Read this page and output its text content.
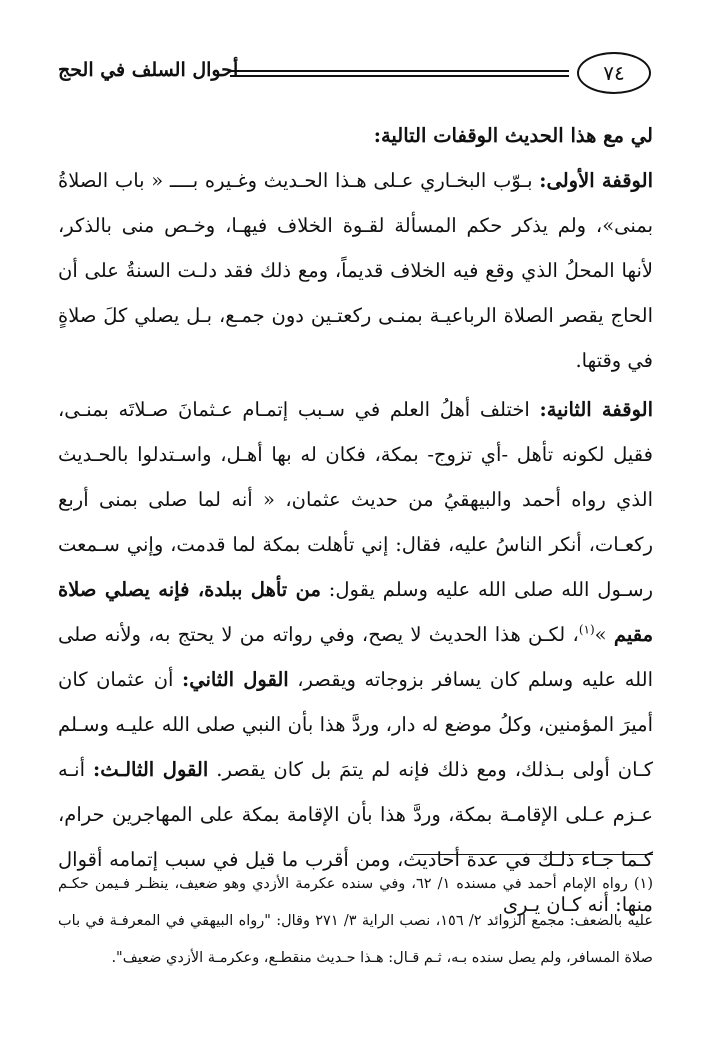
٧٤
أحوال السلف في الحج

لي مع هذا الحديث الوقفات التالية:

الوقفة الأولى: بـوّب البخـاري عـلى هـذا الحـديث وغـيره بــــ « باب الصلاةُ بمنى»، ولم يذكر حكم المسألة لقـوة الخلاف فيهـا، وخـص منى بالذكر، لأنها المحلُ الذي وقع فيه الخلاف قديماً، ومع ذلك فقد دلـت السنةُ على أن الحاج يقصر الصلاة الرباعيـة بمنـى ركعتـين دون جمـع، بـل يصلي كلَ صلاةٍ في وقتها.

الوقفة الثانية: اختلف أهلُ العلم في سـبب إتمـام عـثمانَ صـلاتَه بمنـى، فقيل لكونه تأهل -أي تزوج- بمكة، فكان له بها أهـل، واسـتدلوا بالحـديث الذي رواه أحمد والبيهقيُ من حديث عثمان، « أنه لما صلى بمنى أربع ركعـات، أنكر الناسُ عليه، فقال: إني تأهلت بمكة لما قدمت، وإني سـمعت رسـول الله صلى الله عليه وسلم يقول: من تأهل ببلدة، فإنه يصلي صلاة مقيم »$^{(١)}$، لكـن هذا الحديث لا يصح، وفي رواته من لا يحتج به، ولأنه صلى الله عليه وسلم كان يسافر بزوجاته ويقصر، القول الثاني: أن عثمان كان أميرَ المؤمنين، وكلُ موضع له دار، وردَّ هذا بأن النبي صلى الله عليـه وسـلم كـان أولى بـذلك، ومع ذلك فإنه لم يتمَ بل كان يقصر. القول الثالـث: أنـه عـزم عـلى الإقامـة بمكة، وردَّ هذا بأن الإقامة بمكة على المهاجرين حرام، كـما جـاء ذلـك في عدة أحاديث، ومن أقرب ما قيل في سبب إتمامه أقوال منها: أنه كـان يـرى

(١) رواه الإمام أحمد في مسنده ١/ ٦٢، وفي سنده عكرمة الأزدي وهو ضعيف، ينظـر فـيمن حكـم عليه بالضعف: مجمع الزوائد ٢/ ١٥٦، نصب الراية ٣/ ٢٧١ وقال: "رواه البيهقي في المعرفـة في باب صلاة المسافر، ولم يصل سنده بـه، ثـم قـال: هـذا حـديث منقطـع، وعكرمـة الأزدي ضعيف".
